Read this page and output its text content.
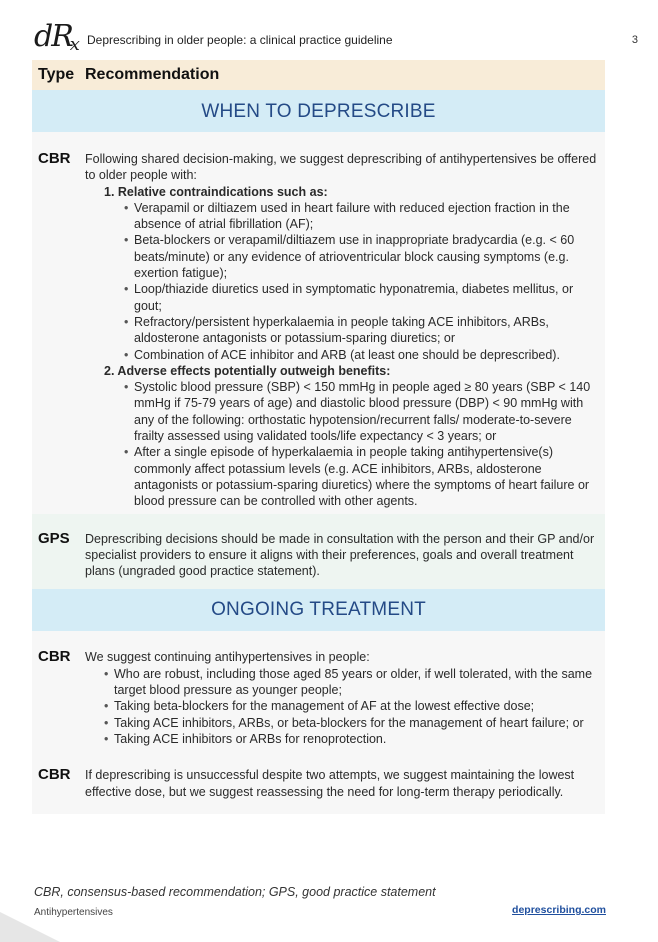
dRx Deprescribing in older people: a clinical practice guideline	3
Type Recommendation
WHEN TO DEPRESCRIBE
CBR	Following shared decision-making, we suggest deprescribing of antihypertensives be offered to older people with:
1. Relative contraindications such as:
• Verapamil or diltiazem used in heart failure with reduced ejection fraction in the absence of atrial fibrillation (AF);
• Beta-blockers or verapamil/diltiazem use in inappropriate bradycardia (e.g. < 60 beats/minute) or any evidence of atrioventricular block causing symptoms (e.g. exertion fatigue);
• Loop/thiazide diuretics used in symptomatic hyponatremia, diabetes mellitus, or gout;
• Refractory/persistent hyperkalaemia in people taking ACE inhibitors, ARBs, aldosterone antagonists or potassium-sparing diuretics; or
• Combination of ACE inhibitor and ARB (at least one should be deprescribed).
2. Adverse effects potentially outweigh benefits:
• Systolic blood pressure (SBP) < 150 mmHg in people aged ≥ 80 years (SBP < 140 mmHg if 75-79 years of age) and diastolic blood pressure (DBP) < 90 mmHg with any of the following: orthostatic hypotension/recurrent falls/ moderate-to-severe frailty assessed using validated tools/life expectancy < 3 years; or
• After a single episode of hyperkalaemia in people taking antihypertensive(s) commonly affect potassium levels (e.g. ACE inhibitors, ARBs, aldosterone antagonists or potassium-sparing diuretics) where the symptoms of heart failure or blood pressure can be controlled with other agents.
GPS	Deprescribing decisions should be made in consultation with the person and their GP and/or specialist providers to ensure it aligns with their preferences, goals and overall treatment plans (ungraded good practice statement).
ONGOING TREATMENT
CBR	We suggest continuing antihypertensives in people:
• Who are robust, including those aged 85 years or older, if well tolerated, with the same target blood pressure as younger people;
• Taking beta-blockers for the management of AF at the lowest effective dose;
• Taking ACE inhibitors, ARBs, or beta-blockers for the management of heart failure; or
• Taking ACE inhibitors or ARBs for renoprotection.
CBR	If deprescribing is unsuccessful despite two attempts, we suggest maintaining the lowest effective dose, but we suggest reassessing the need for long-term therapy periodically.
CBR, consensus-based recommendation; GPS, good practice statement
Antihypertensives	deprescribing.com
